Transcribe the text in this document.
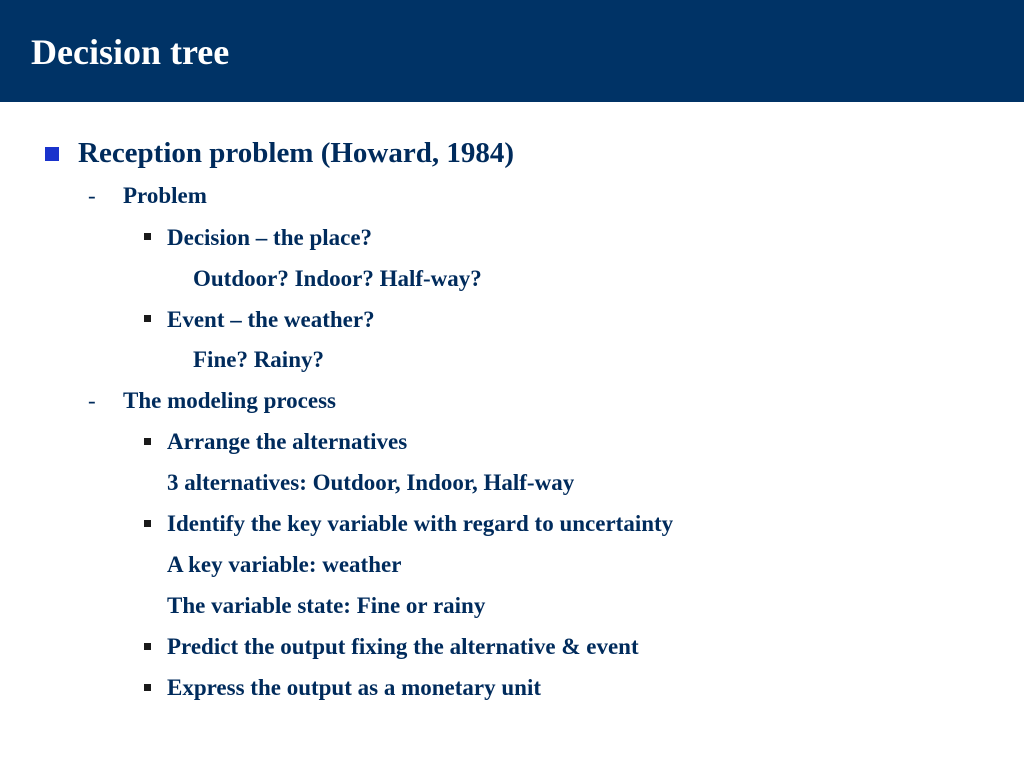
Decision tree
Reception problem (Howard, 1984)
- Problem
Decision – the place?
Outdoor? Indoor? Half-way?
Event – the weather?
Fine? Rainy?
- The modeling process
Arrange the alternatives
3 alternatives: Outdoor, Indoor, Half-way
Identify the key variable with regard to uncertainty
A key variable: weather
The variable state: Fine or rainy
Predict the output fixing the alternative & event
Express the output as a monetary unit
